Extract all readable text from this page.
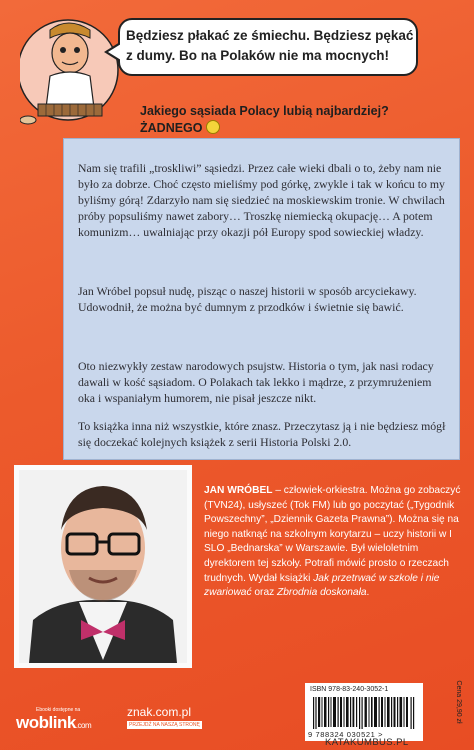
Będziesz płakać ze śmiechu. Będziesz pękać z dumy. Bo na Polaków nie ma mocnych!
Jakiego sąsiada Polacy lubią najbardziej?
ŻADNEGO

Nam się trafili „troskliwi” sąsiedzi. Przez całe wieki dbali o to, żeby nam nie było za dobrze. Choć często mieliśmy pod górkę, zwykle i tak w końcu to my byliśmy górą! Zdarzyło nam się siedzieć na moskiewskim tronie. W chwilach próby popsuliśmy nawet zabory… Troszkę niemiecką okupację… A potem komunizm… uwalniając przy okazji pół Europy spod sowieckiej władzy.

Jan Wróbel popsuł nudę, pisząc o naszej historii w sposób arcyciekawy. Udowodnił, że można być dumnym z przodków i świetnie się bawić.

Oto niezwykły zestaw narodowych psujstw. Historia o tym, jak nasi rodacy dawali w kość sąsiadom. O Polakach tak lekko i mądrze, z przymrużeniem oka i wspaniałym humorem, nie pisał jeszcze nikt.

To książka inna niż wszystkie, które znasz. Przeczytasz ją i nie będziesz mógł się doczekać kolejnych książek z serii Historia Polski 2.0.

JAN WRÓBEL – człowiek-orkiestra. Można go zobaczyć (TVN24), usłyszeć (Tok FM) lub go poczytać („Tygodnik Powszechny”, „Dziennik Gazeta Prawna”). Można się na niego natknąć na szkolnym korytarzu – uczy historii w I SLO „Bednarska” w Warszawie. Był wieloletnim dyrektorem tej szkoły. Potrafi mówić prosto o rzeczach trudnych. Wydał książki Jak przetrwać w szkole i nie zwariować oraz Zbrodnia doskonała.
ISBN 978-83-240-3052-1
9 788324 030521 >
Cena 29,90 zł
Ebooki dostępne na
woblink.com
znak.com.pl
PRZEJDŹ NA NASZĄ STRONĘ
KATAKUMBUS.PL
